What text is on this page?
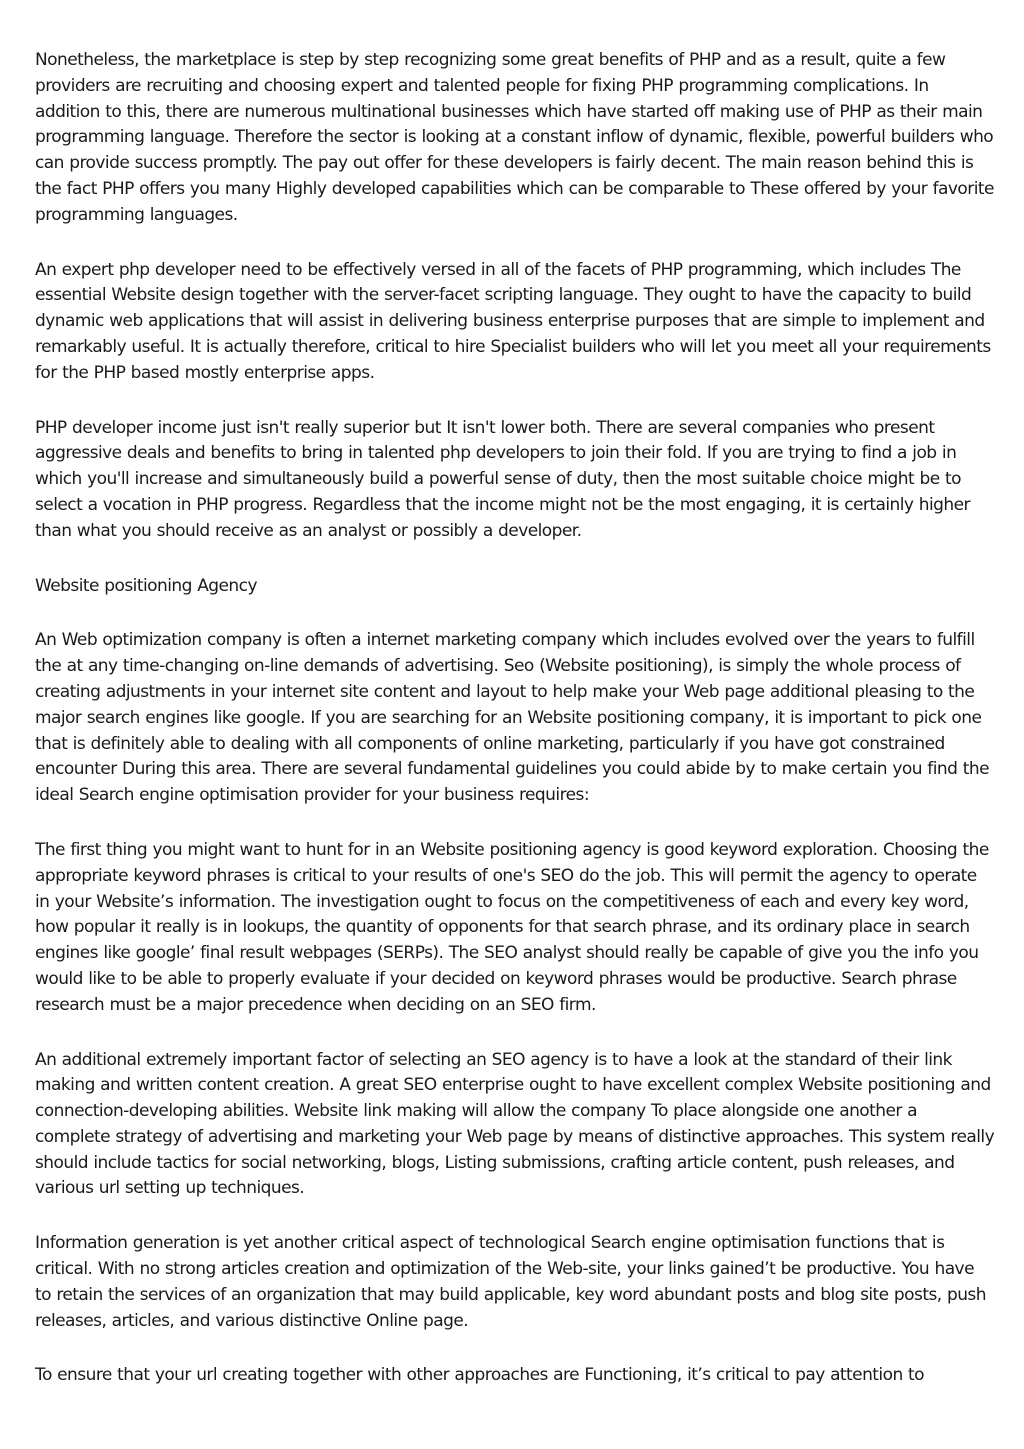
Nonetheless, the marketplace is step by step recognizing some great benefits of PHP and as a result, quite a few providers are recruiting and choosing expert and talented people for fixing PHP programming complications. In addition to this, there are numerous multinational businesses which have started off making use of PHP as their main programming language. Therefore the sector is looking at a constant inflow of dynamic, flexible, powerful builders who can provide success promptly. The pay out offer for these developers is fairly decent. The main reason behind this is the fact PHP offers you many Highly developed capabilities which can be comparable to These offered by your favorite programming languages.

An expert php developer need to be effectively versed in all of the facets of PHP programming, which includes The essential Website design together with the server-facet scripting language. They ought to have the capacity to build dynamic web applications that will assist in delivering business enterprise purposes that are simple to implement and remarkably useful. It is actually therefore, critical to hire Specialist builders who will let you meet all your requirements for the PHP based mostly enterprise apps.

PHP developer income just isn't really superior but It isn't lower both. There are several companies who present aggressive deals and benefits to bring in talented php developers to join their fold. If you are trying to find a job in which you'll increase and simultaneously build a powerful sense of duty, then the most suitable choice might be to select a vocation in PHP progress. Regardless that the income might not be the most engaging, it is certainly higher than what you should receive as an analyst or possibly a developer.

Website positioning Agency

An Web optimization company is often a internet marketing company which includes evolved over the years to fulfill the at any time-changing on-line demands of advertising. Seo (Website positioning), is simply the whole process of creating adjustments in your internet site content and layout to help make your Web page additional pleasing to the major search engines like google. If you are searching for an Website positioning company, it is important to pick one that is definitely able to dealing with all components of online marketing, particularly if you have got constrained encounter During this area. There are several fundamental guidelines you could abide by to make certain you find the ideal Search engine optimisation provider for your business requires:

The first thing you might want to hunt for in an Website positioning agency is good keyword exploration. Choosing the appropriate keyword phrases is critical to your results of one's SEO do the job. This will permit the agency to operate in your Website’s information. The investigation ought to focus on the competitiveness of each and every key word, how popular it really is in lookups, the quantity of opponents for that search phrase, and its ordinary place in search engines like google’ final result webpages (SERPs). The SEO analyst should really be capable of give you the info you would like to be able to properly evaluate if your decided on keyword phrases would be productive. Search phrase research must be a major precedence when deciding on an SEO firm.

An additional extremely important factor of selecting an SEO agency is to have a look at the standard of their link making and written content creation. A great SEO enterprise ought to have excellent complex Website positioning and connection-developing abilities. Website link making will allow the company To place alongside one another a complete strategy of advertising and marketing your Web page by means of distinctive approaches. This system really should include tactics for social networking, blogs, Listing submissions, crafting article content, push releases, and various url setting up techniques.

Information generation is yet another critical aspect of technological Search engine optimisation functions that is critical. With no strong articles creation and optimization of the Web-site, your links gained’t be productive. You have to retain the services of an organization that may build applicable, key word abundant posts and blog site posts, push releases, articles, and various distinctive Online page.

To ensure that your url creating together with other approaches are Functioning, it’s critical to pay attention to
